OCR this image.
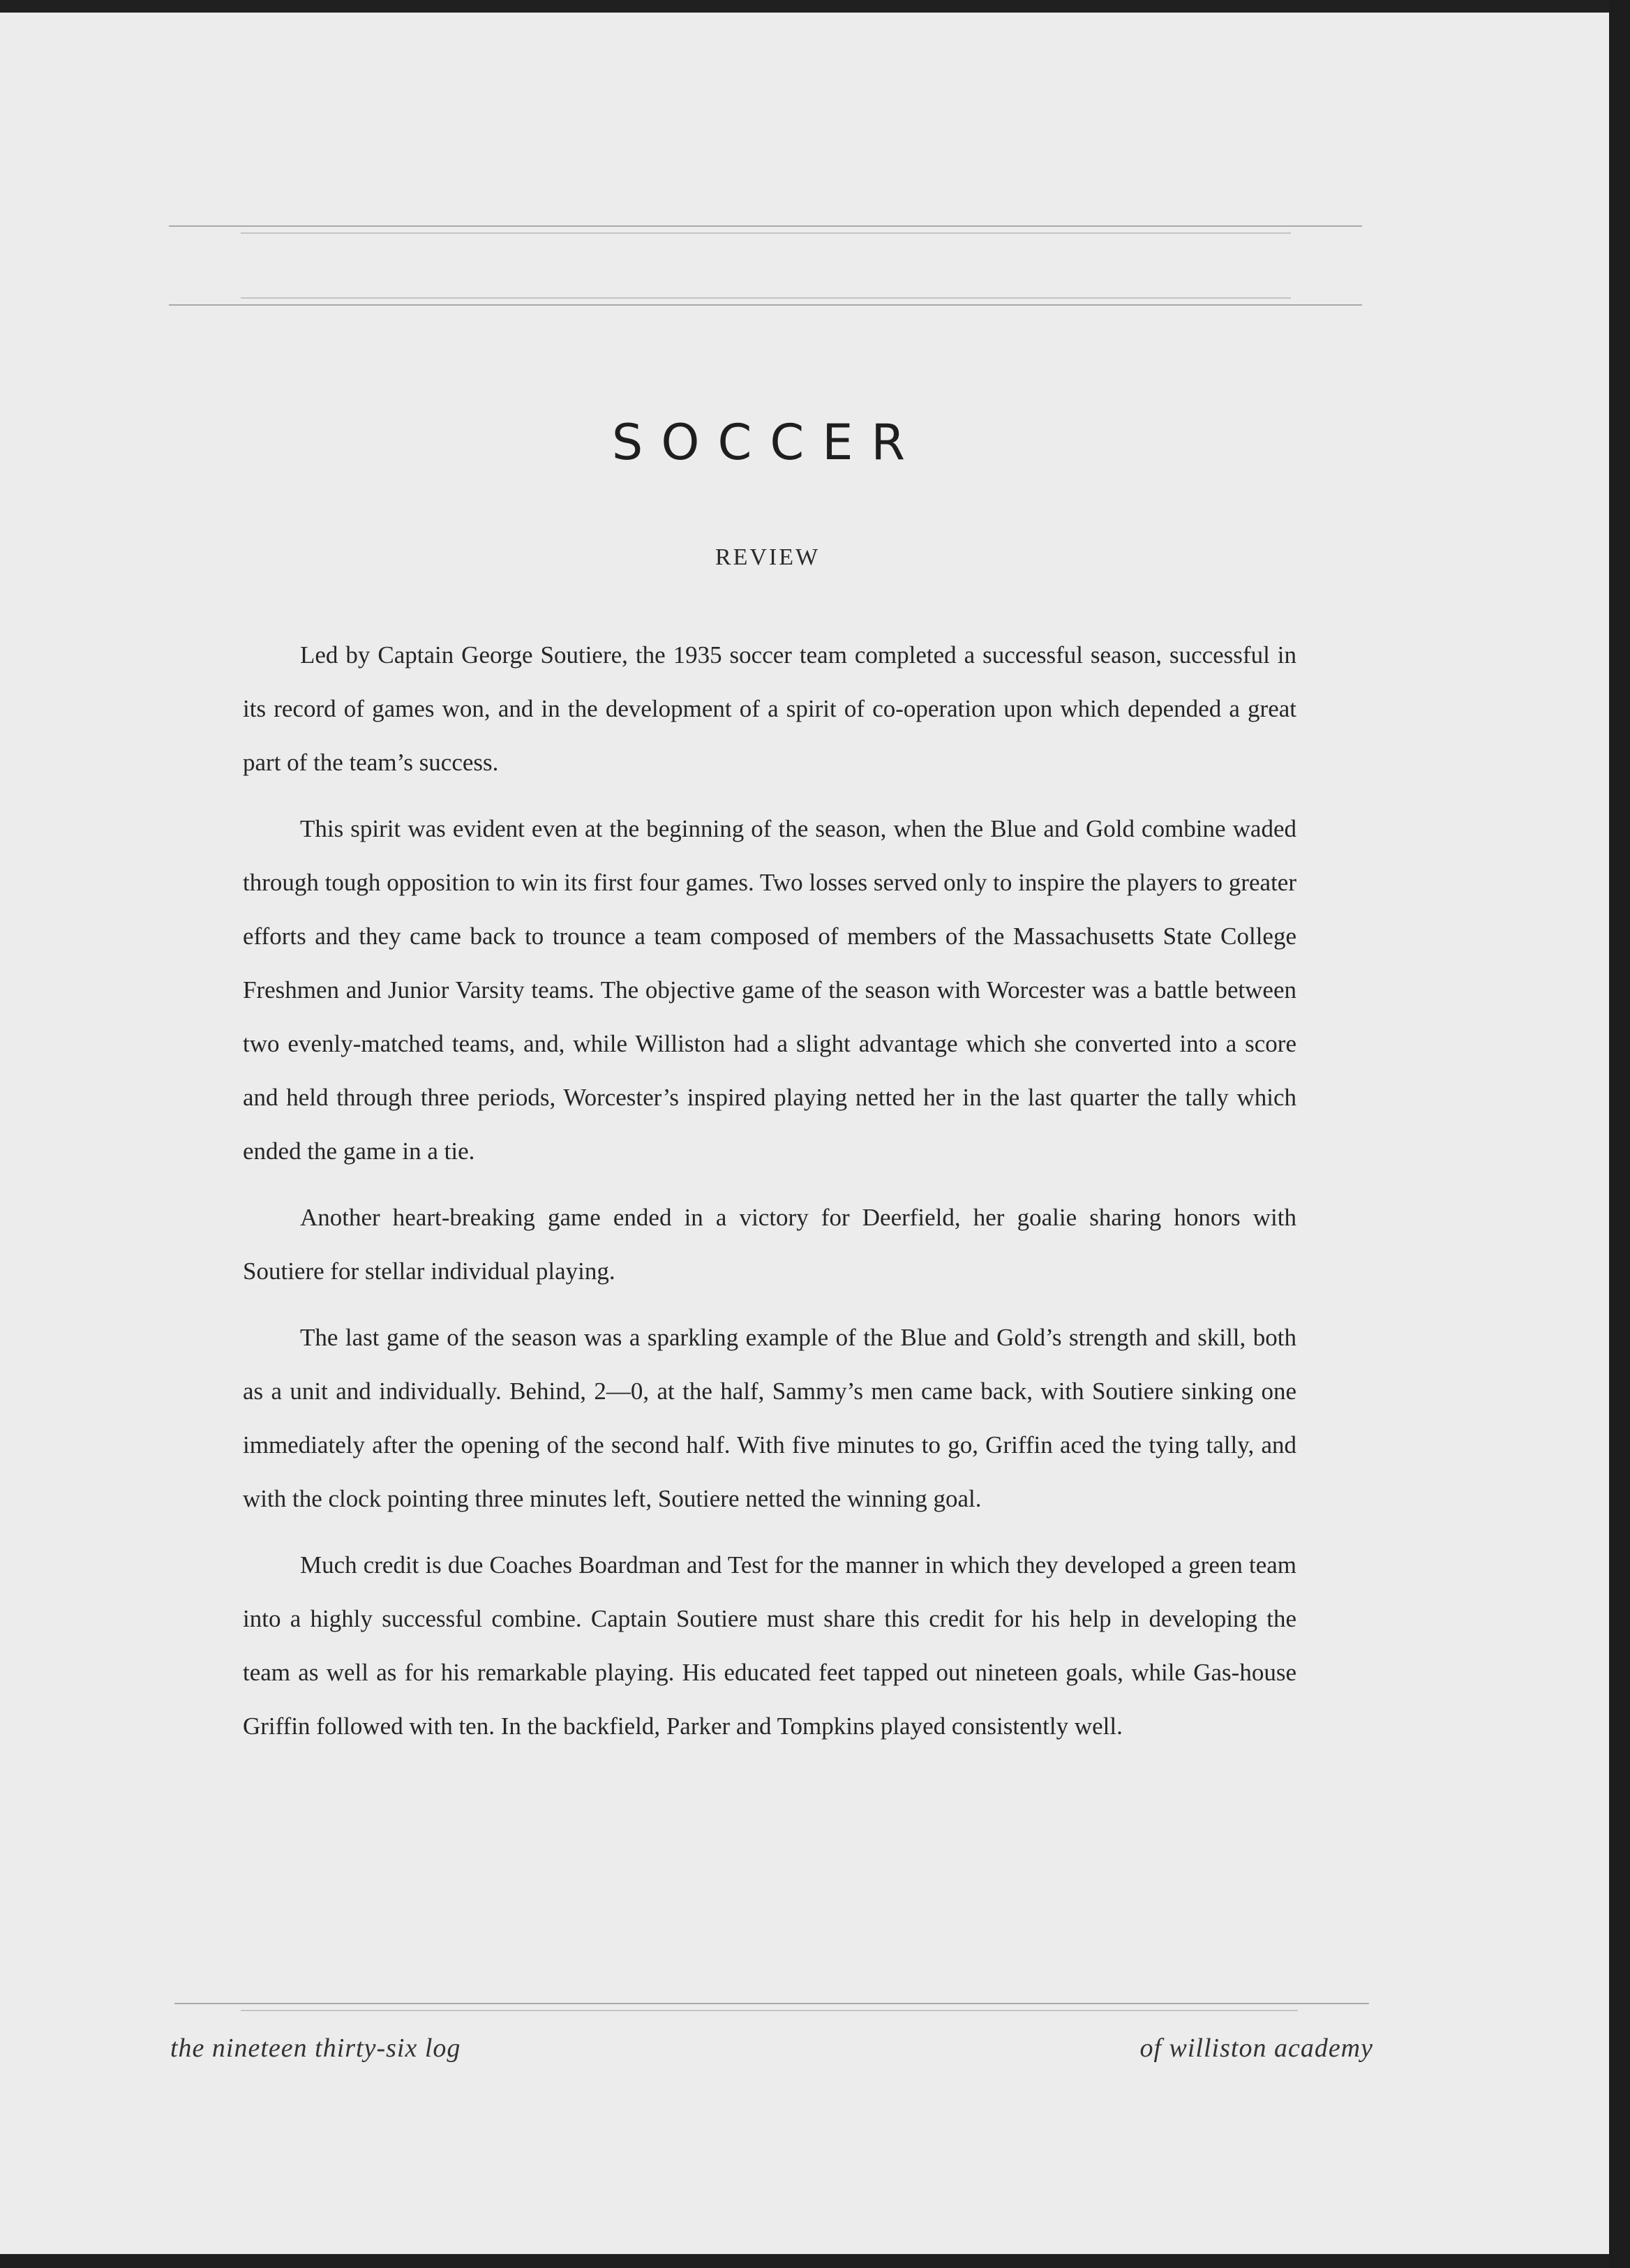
SOCCER
REVIEW

Led by Captain George Soutiere, the 1935 soccer team completed a successful season, successful in its record of games won, and in the development of a spirit of co-operation upon which depended a great part of the team’s success.

This spirit was evident even at the beginning of the season, when the Blue and Gold combine waded through tough opposition to win its first four games. Two losses served only to inspire the players to greater efforts and they came back to trounce a team composed of members of the Massachusetts State College Freshmen and Junior Varsity teams. The objective game of the season with Worcester was a battle between two evenly-matched teams, and, while Williston had a slight advantage which she converted into a score and held through three periods, Worcester’s inspired playing netted her in the last quarter the tally which ended the game in a tie.

Another heart-breaking game ended in a victory for Deerfield, her goalie sharing honors with Soutiere for stellar individual playing.

The last game of the season was a sparkling example of the Blue and Gold’s strength and skill, both as a unit and individually. Behind, 2—0, at the half, Sammy’s men came back, with Soutiere sinking one immediately after the opening of the second half. With five minutes to go, Griffin aced the tying tally, and with the clock pointing three minutes left, Soutiere netted the winning goal.

Much credit is due Coaches Boardman and Test for the manner in which they developed a green team into a highly successful combine. Captain Soutiere must share this credit for his help in developing the team as well as for his remarkable playing. His educated feet tapped out nineteen goals, while Gas-house Griffin followed with ten. In the backfield, Parker and Tompkins played consistently well.

the nineteen thirty-six log	of williston academy
